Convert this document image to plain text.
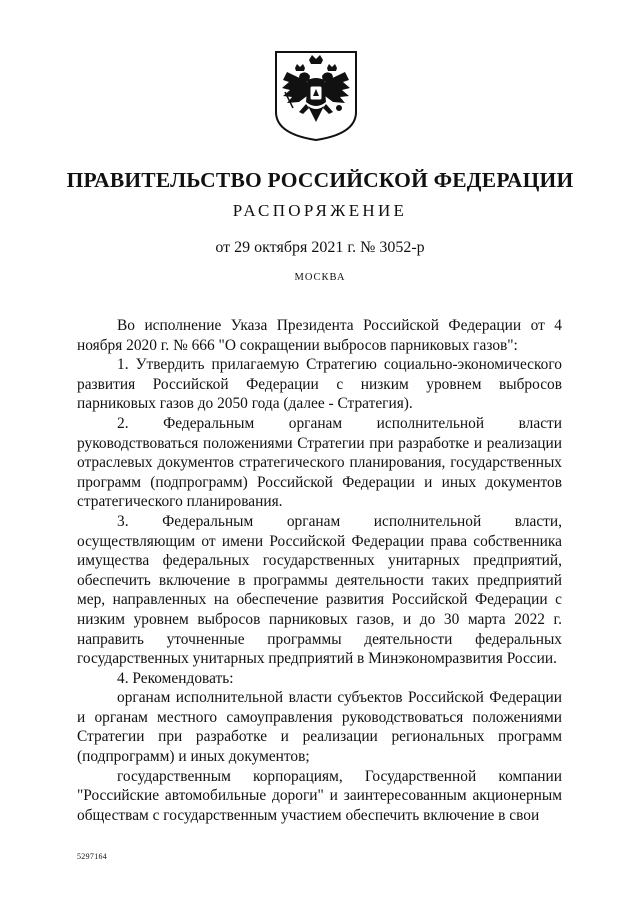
ПРАВИТЕЛЬСТВО РОССИЙСКОЙ ФЕДЕРАЦИИ
РАСПОРЯЖЕНИЕ
от 29 октября 2021 г. № 3052-р
МОСКВА

Во исполнение Указа Президента Российской Федерации от 4 ноября 2020 г. № 666 "О сокращении выбросов парниковых газов":

1. Утвердить прилагаемую Стратегию социально-экономического развития Российской Федерации с низким уровнем выбросов парниковых газов до 2050 года (далее - Стратегия).

2. Федеральным органам исполнительной власти руководствоваться положениями Стратегии при разработке и реализации отраслевых документов стратегического планирования, государственных программ (подпрограмм) Российской Федерации и иных документов стратегического планирования.

3. Федеральным органам исполнительной власти, осуществляющим от имени Российской Федерации права собственника имущества федеральных государственных унитарных предприятий, обеспечить включение в программы деятельности таких предприятий мер, направленных на обеспечение развития Российской Федерации с низким уровнем выбросов парниковых газов, и до 30 марта 2022 г. направить уточненные программы деятельности федеральных государственных унитарных предприятий в Минэкономразвития России.

4. Рекомендовать:

органам исполнительной власти субъектов Российской Федерации и органам местного самоуправления руководствоваться положениями Стратегии при разработке и реализации региональных программ (подпрограмм) и иных документов;

государственным корпорациям, Государственной компании "Российские автомобильные дороги" и заинтересованным акционерным обществам с государственным участием обеспечить включение в свои

5297164
